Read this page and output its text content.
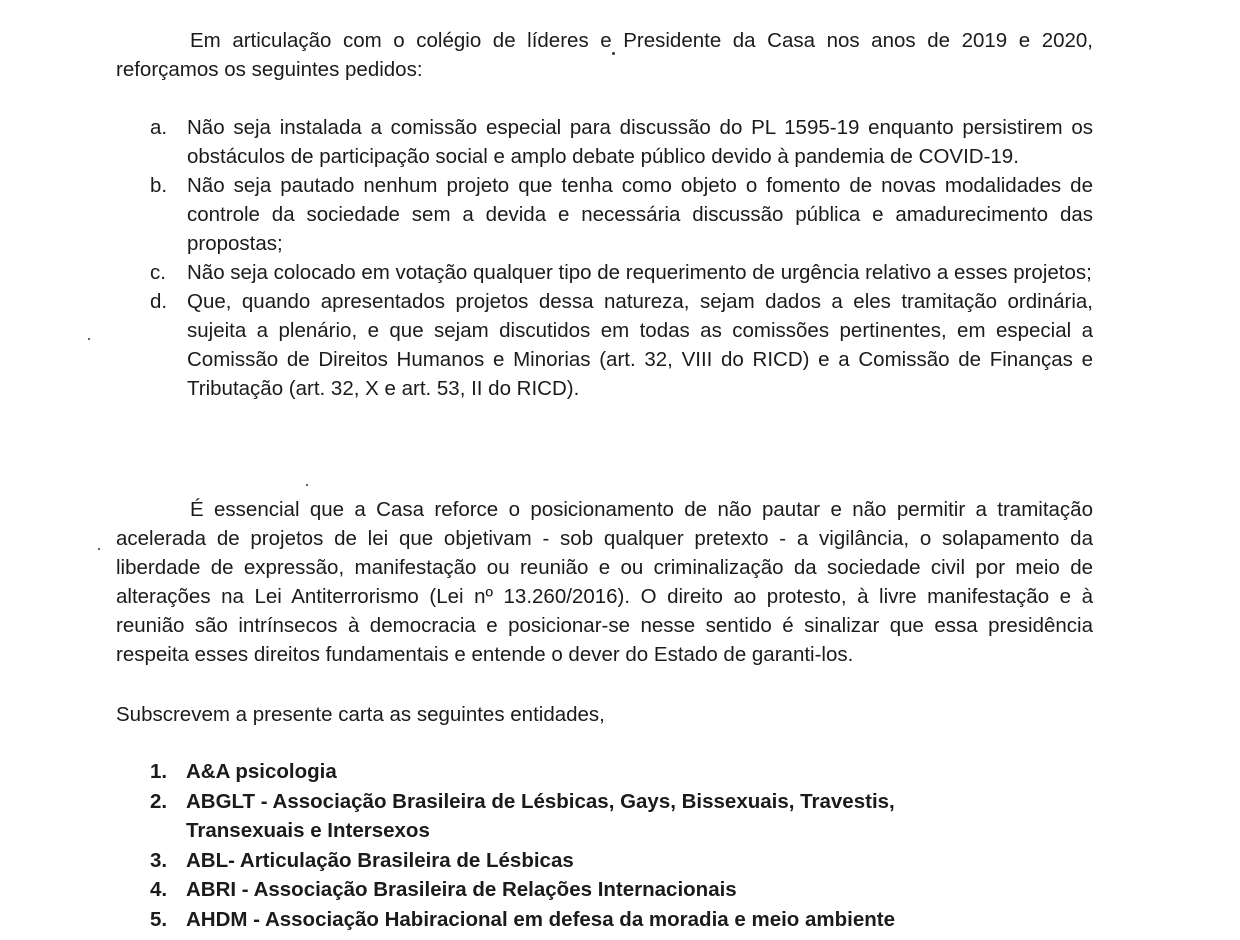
Em articulação com o colégio de líderes e Presidente da Casa nos anos de 2019 e 2020, reforçamos os seguintes pedidos:

a. Não seja instalada a comissão especial para discussão do PL 1595-19 enquanto persistirem os obstáculos de participação social e amplo debate público devido à pandemia de COVID-19.
b. Não seja pautado nenhum projeto que tenha como objeto o fomento de novas modalidades de controle da sociedade sem a devida e necessária discussão pública e amadurecimento das propostas;
c.	Não seja colocado em votação qualquer tipo de requerimento de urgência relativo a esses projetos;
d. Que, quando apresentados projetos dessa natureza, sejam dados a eles tramitação ordinária, sujeita a plenário, e que sejam discutidos em todas as comissões pertinentes, em especial a Comissão de Direitos Humanos e Minorias (art. 32, VIII do RICD) e a Comissão de Finanças e Tributação (art. 32, X e art. 53, II do RICD).

É essencial que a Casa reforce o posicionamento de não pautar e não permitir a tramitação acelerada de projetos de lei que objetivam - sob qualquer pretexto - a vigilância, o solapamento da liberdade de expressão, manifestação ou reunião e ou criminalização da sociedade civil por meio de alterações na Lei Antiterrorismo (Lei nº 13.260/2016). O direito ao protesto, à livre manifestação e à reunião são intrínsecos à democracia e posicionar-se nesse sentido é sinalizar que essa presidência respeita esses direitos fundamentais e entende o dever do Estado de garanti-los.

Subscrevem a presente carta as seguintes entidades,

1. A&A psicologia
2. ABGLT - Associação Brasileira de Lésbicas, Gays, Bissexuais, Travestis, Transexuais e Intersexos
3. ABL- Articulação Brasileira de Lésbicas
4. ABRI - Associação Brasileira de Relações Internacionais
5. AHDM - Associação Habiracional em defesa da moradia e meio ambiente
